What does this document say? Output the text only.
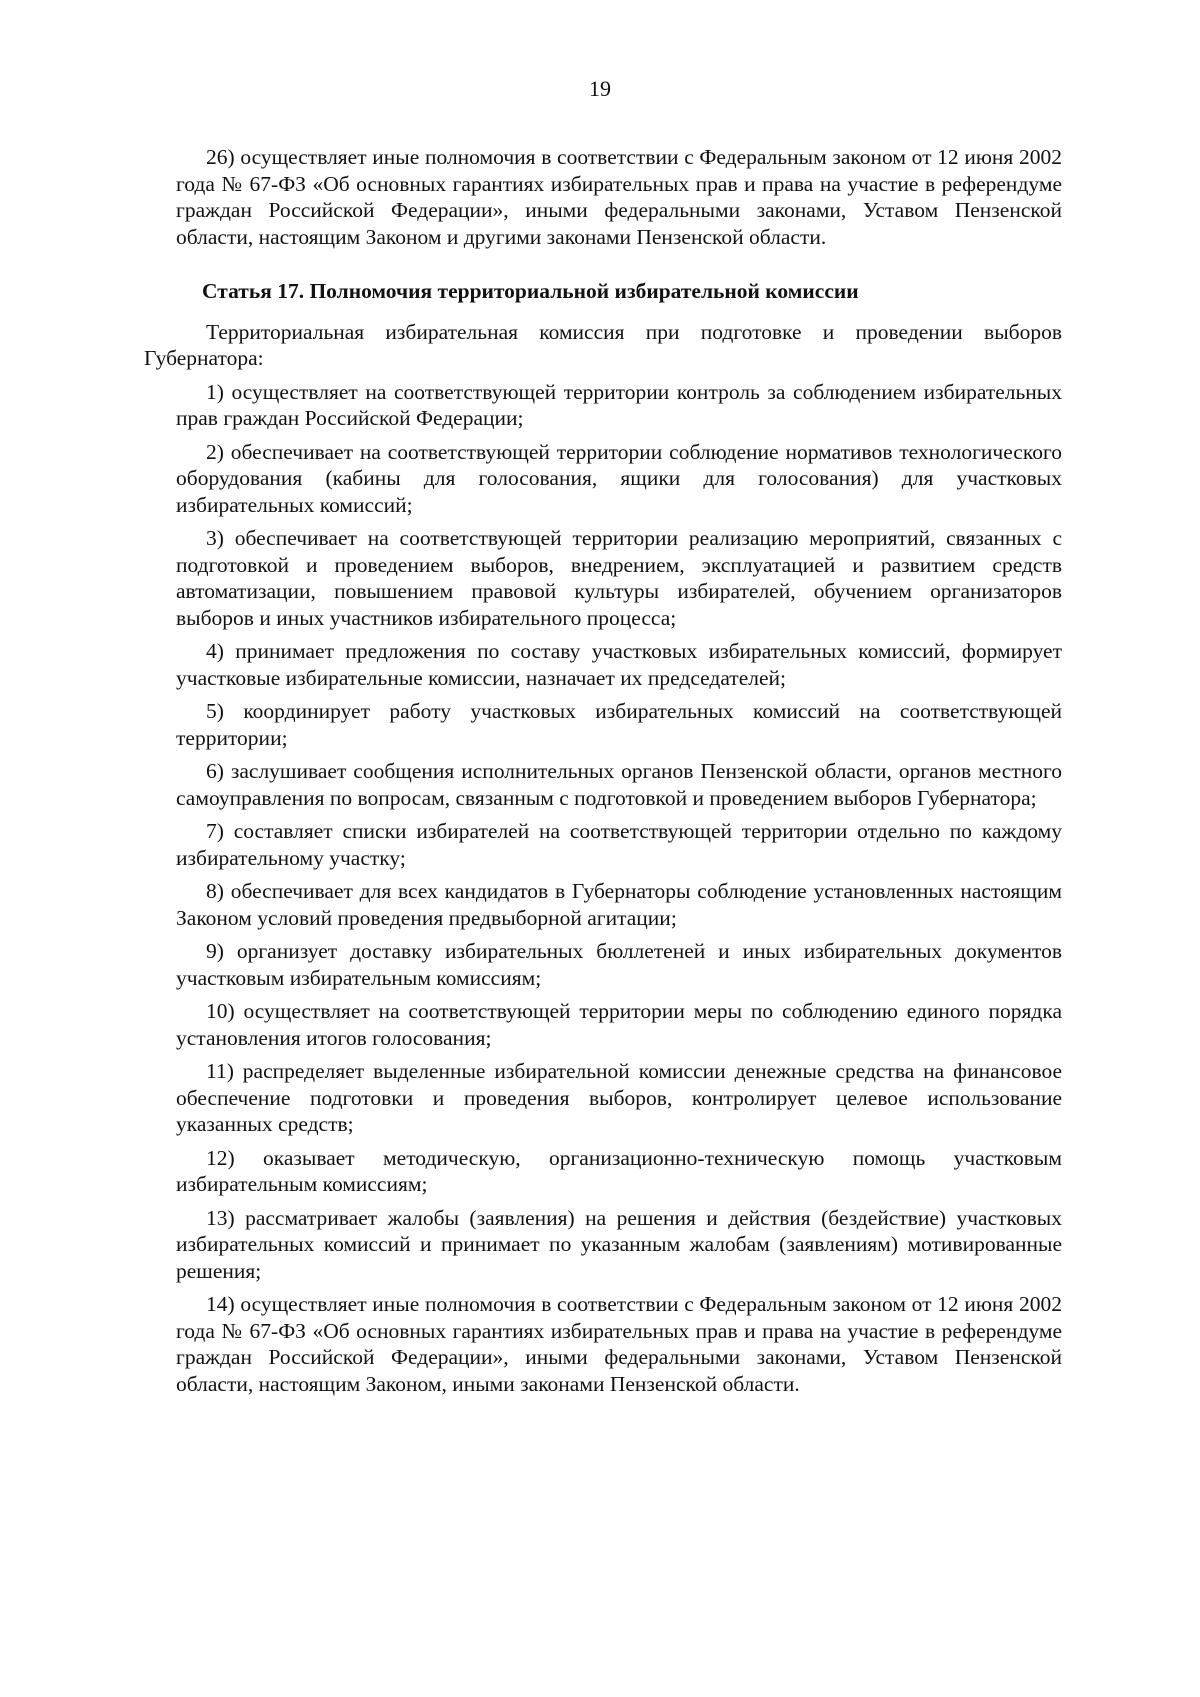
19

26) осуществляет иные полномочия в соответствии с Федеральным законом от 12 июня 2002 года № 67-ФЗ «Об основных гарантиях избирательных прав и права на участие в референдуме граждан Российской Федерации», иными федеральными законами, Уставом Пензенской области, настоящим Законом и другими законами Пензенской области.

Статья 17. Полномочия территориальной избирательной комиссии

Территориальная избирательная комиссия при подготовке и проведении выборов Губернатора:

1) осуществляет на соответствующей территории контроль за соблюдением избирательных прав граждан Российской Федерации;

2) обеспечивает на соответствующей территории соблюдение нормативов технологического оборудования (кабины для голосования, ящики для голосования) для участковых избирательных комиссий;

3) обеспечивает на соответствующей территории реализацию мероприятий, связанных с подготовкой и проведением выборов, внедрением, эксплуатацией и развитием средств автоматизации, повышением правовой культуры избирателей, обучением организаторов выборов и иных участников избирательного процесса;

4) принимает предложения по составу участковых избирательных комиссий, формирует участковые избирательные комиссии, назначает их председателей;

5) координирует работу участковых избирательных комиссий на соответствующей территории;

6) заслушивает сообщения исполнительных органов Пензенской области, органов местного самоуправления по вопросам, связанным с подготовкой и проведением выборов Губернатора;

7) составляет списки избирателей на соответствующей территории отдельно по каждому избирательному участку;

8) обеспечивает для всех кандидатов в Губернаторы соблюдение установленных настоящим Законом условий проведения предвыборной агитации;

9) организует доставку избирательных бюллетеней и иных избирательных документов участковым избирательным комиссиям;

10) осуществляет на соответствующей территории меры по соблюдению единого порядка установления итогов голосования;

11) распределяет выделенные избирательной комиссии денежные средства на финансовое обеспечение подготовки и проведения выборов, контролирует целевое использование указанных средств;

12) оказывает методическую, организационно-техническую помощь участковым избирательным комиссиям;

13) рассматривает жалобы (заявления) на решения и действия (бездействие) участковых избирательных комиссий и принимает по указанным жалобам (заявлениям) мотивированные решения;

14) осуществляет иные полномочия в соответствии с Федеральным законом от 12 июня 2002 года № 67-ФЗ «Об основных гарантиях избирательных прав и права на участие в референдуме граждан Российской Федерации», иными федеральными законами, Уставом Пензенской области, настоящим Законом, иными законами Пензенской области.
